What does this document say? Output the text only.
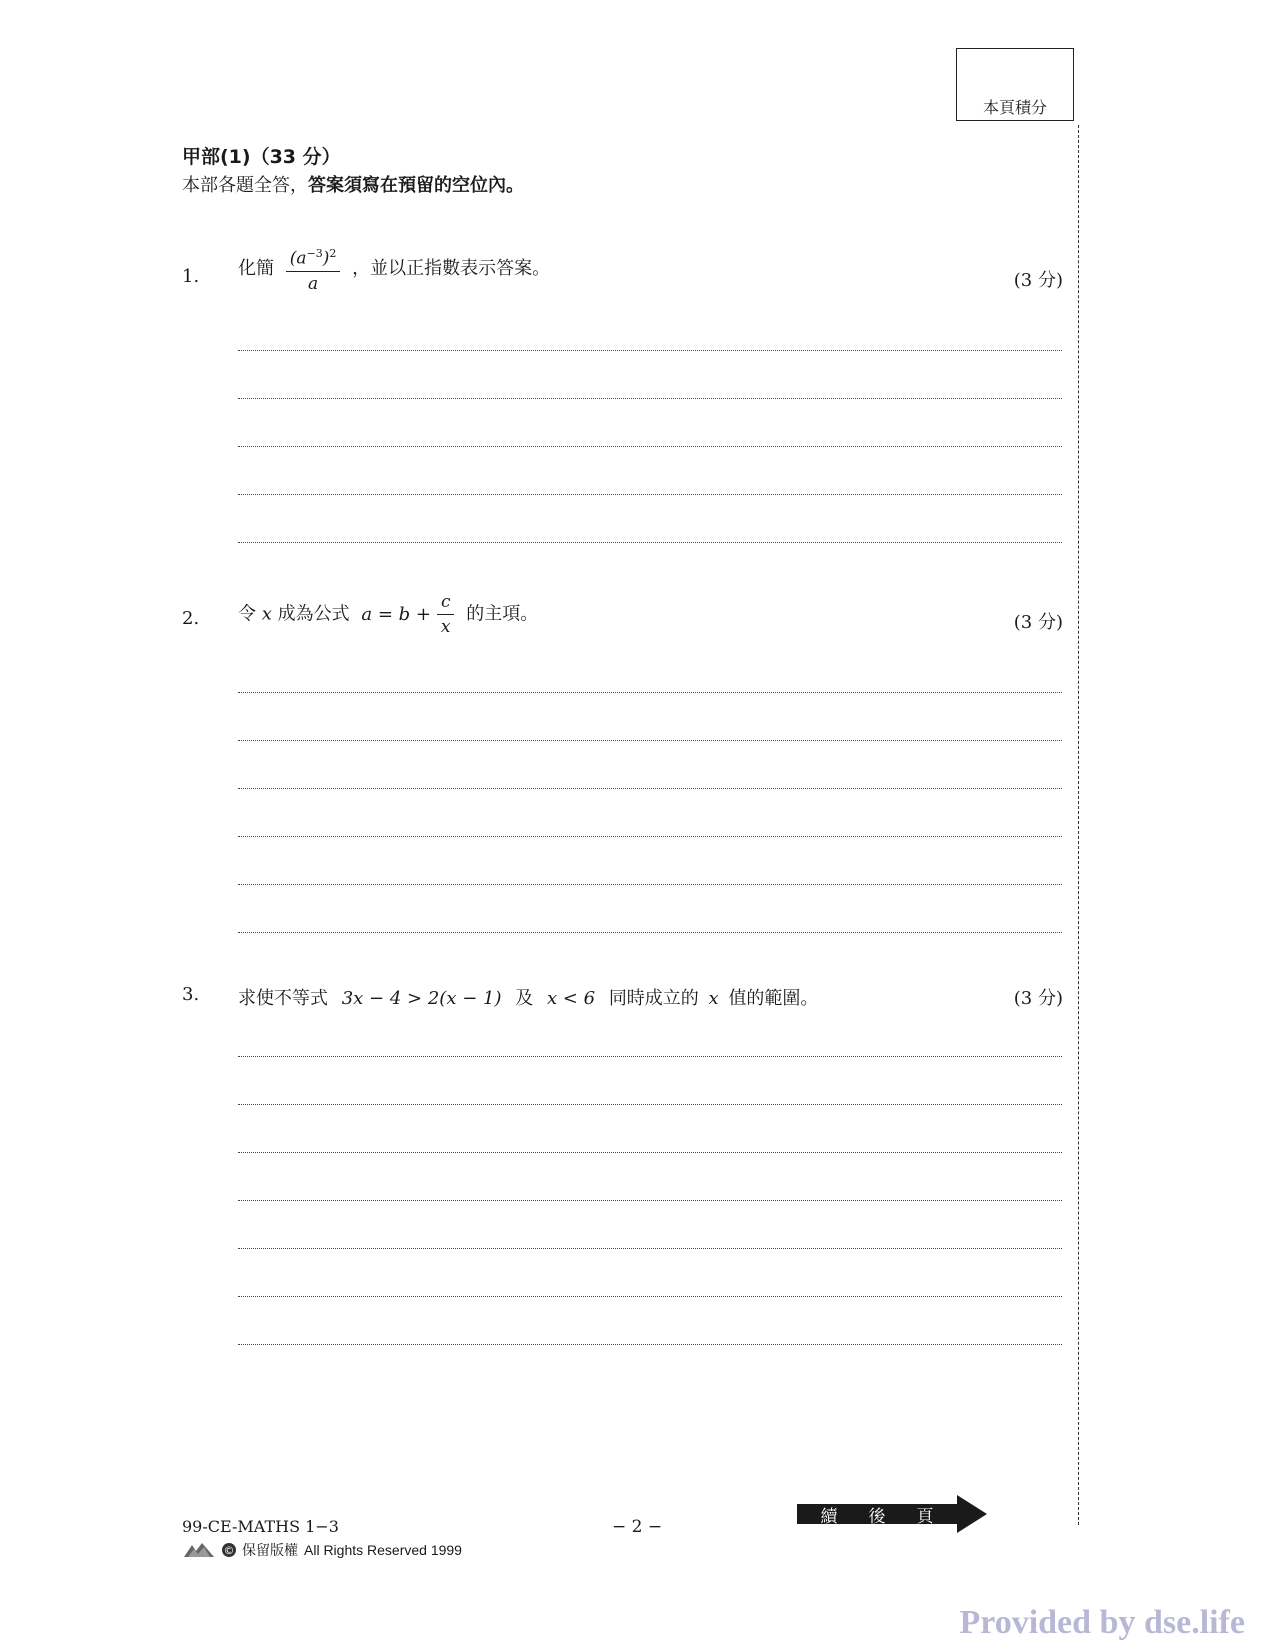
本頁積分
甲部(1)（33 分）
本部各題全答，答案須寫在預留的空位內。
1. 化簡 $\frac{(a^{-3})^2}{a}$ ，並以正指數表示答案。
(3 分)
2. 令 x 成為公式 $a = b + \frac{c}{x}$ 的主項。	(3 分)
3. 求使不等式 3x − 4 > 2(x − 1) 及 x < 6 同時成立的 x 值的範圍。	(3 分)
續 後 頁
99-CE-MATHS 1−3	− 2 −
© 保留版權 All Rights Reserved 1999
Provided by dse.life
